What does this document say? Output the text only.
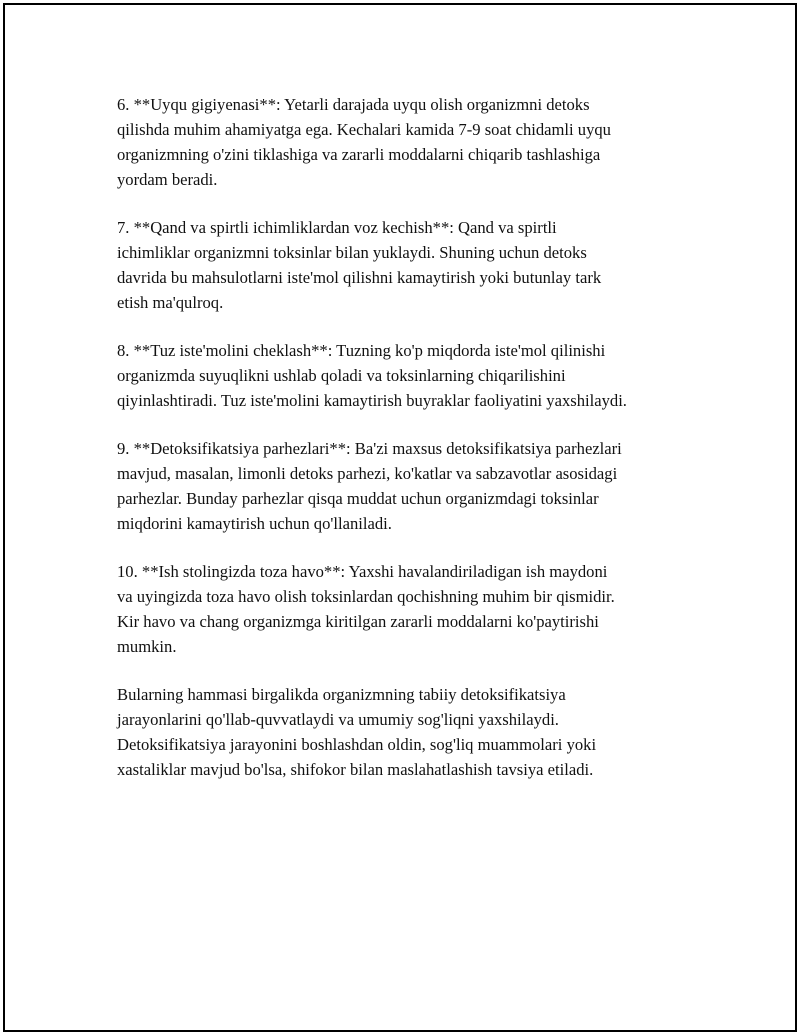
6. **Uyqu gigiyenasi**: Yetarli darajada uyqu olish organizmni detoks
qilishda muhim ahamiyatga ega. Kechalari kamida 7-9 soat chidamli uyqu
organizmning o'zini tiklashiga va zararli moddalarni chiqarib tashlashiga
yordam beradi.

7. **Qand va spirtli ichimliklardan voz kechish**: Qand va spirtli
ichimliklar organizmni toksinlar bilan yuklaydi. Shuning uchun detoks
davrida bu mahsulotlarni iste'mol qilishni kamaytirish yoki butunlay tark
etish ma'qulroq.

8. **Tuz iste'molini cheklash**: Tuzning ko'p miqdorda iste'mol qilinishi
organizmda suyuqlikni ushlab qoladi va toksinlarning chiqarilishini
qiyinlashtiradi. Tuz iste'molini kamaytirish buyraklar faoliyatini yaxshilaydi.

9. **Detoksifikatsiya parhezlari**: Ba'zi maxsus detoksifikatsiya parhezlari
mavjud, masalan, limonli detoks parhezi, ko'katlar va sabzavotlar asosidagi
parhezlar. Bunday parhezlar qisqa muddat uchun organizmdagi toksinlar
miqdorini kamaytirish uchun qo'llaniladi.

10. **Ish stolingizda toza havo**: Yaxshi havalandiriladigan ish maydoni
va uyingizda toza havo olish toksinlardan qochishning muhim bir qismidir.
Kir havo va chang organizmga kiritilgan zararli moddalarni ko'paytirishi
mumkin.

Bularning hammasi birgalikda organizmning tabiiy detoksifikatsiya
jarayonlarini qo'llab-quvvatlaydi va umumiy sog'liqni yaxshilaydi.
Detoksifikatsiya jarayonini boshlashdan oldin, sog'liq muammolari yoki
xastaliklar mavjud bo'lsa, shifokor bilan maslahatlashish tavsiya etiladi.
